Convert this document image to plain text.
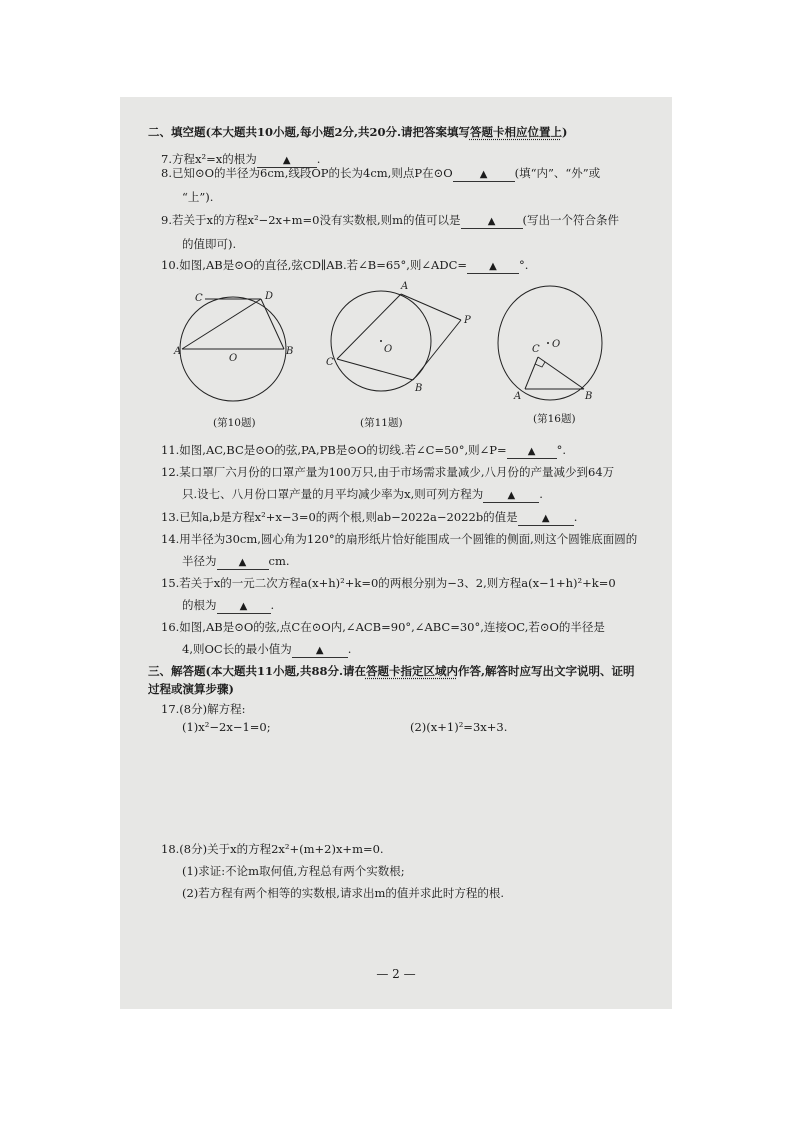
二、填空题(本大题共10小题,每小题2分,共20分.请把答案填写答题卡相应位置上)
7.方程x²=x的根为	▲ .
8.已知⊙O的半径为6cm,线段OP的长为4cm,则点P在⊙O	▲ (填“内”、“外”或
“上”).
9.若关于x的方程x²−2x+m=0没有实数根,则m的值可以是	▲ (写出一个符合条件
的值即可).
10.如图,AB是⊙O的直径,弦CD∥AB.若∠B=65°,则∠ADC= ▲ °.
C	D
A
O
B
(第10题)
A
P
O
C
B
(第11题)
C O
A	B
(第16题)
11.如图,AC,BC是⊙O的弦,PA,PB是⊙O的切线.若∠C=50°,则∠P= ▲ °.
12.某口罩厂六月份的口罩产量为100万只,由于市场需求量减少,八月份的产量减少到64万
只.设七、八月份口罩产量的月平均减少率为x,则可列方程为 ▲ .
13.已知a,b是方程x²+x−3=0的两个根,则ab−2022a−2022b的值是 ▲ .
14.用半径为30cm,圆心角为120°的扇形纸片恰好能围成一个圆锥的侧面,则这个圆锥底面圆的
半径为 ▲ cm.
15.若关于x的一元二次方程a(x+h)²+k=0的两根分别为−3、2,则方程a(x−1+h)²+k=0
的根为 ▲ .
16.如图,AB是⊙O的弦,点C在⊙O内,∠ACB=90°,∠ABC=30°,连接OC,若⊙O的半径是
4,则OC长的最小值为 ▲ .
三、解答题(本大题共11小题,共88分.请在答题卡指定区域内作答,解答时应写出文字说明、证明
过程或演算步骤)
17.(8分)解方程:
(1)x²−2x−1=0;	(2)(x+1)²=3x+3.
18.(8分)关于x的方程2x²+(m+2)x+m=0.
(1)求证:不论m取何值,方程总有两个实数根;
(2)若方程有两个相等的实数根,请求出m的值并求此时方程的根.
— 2 —
